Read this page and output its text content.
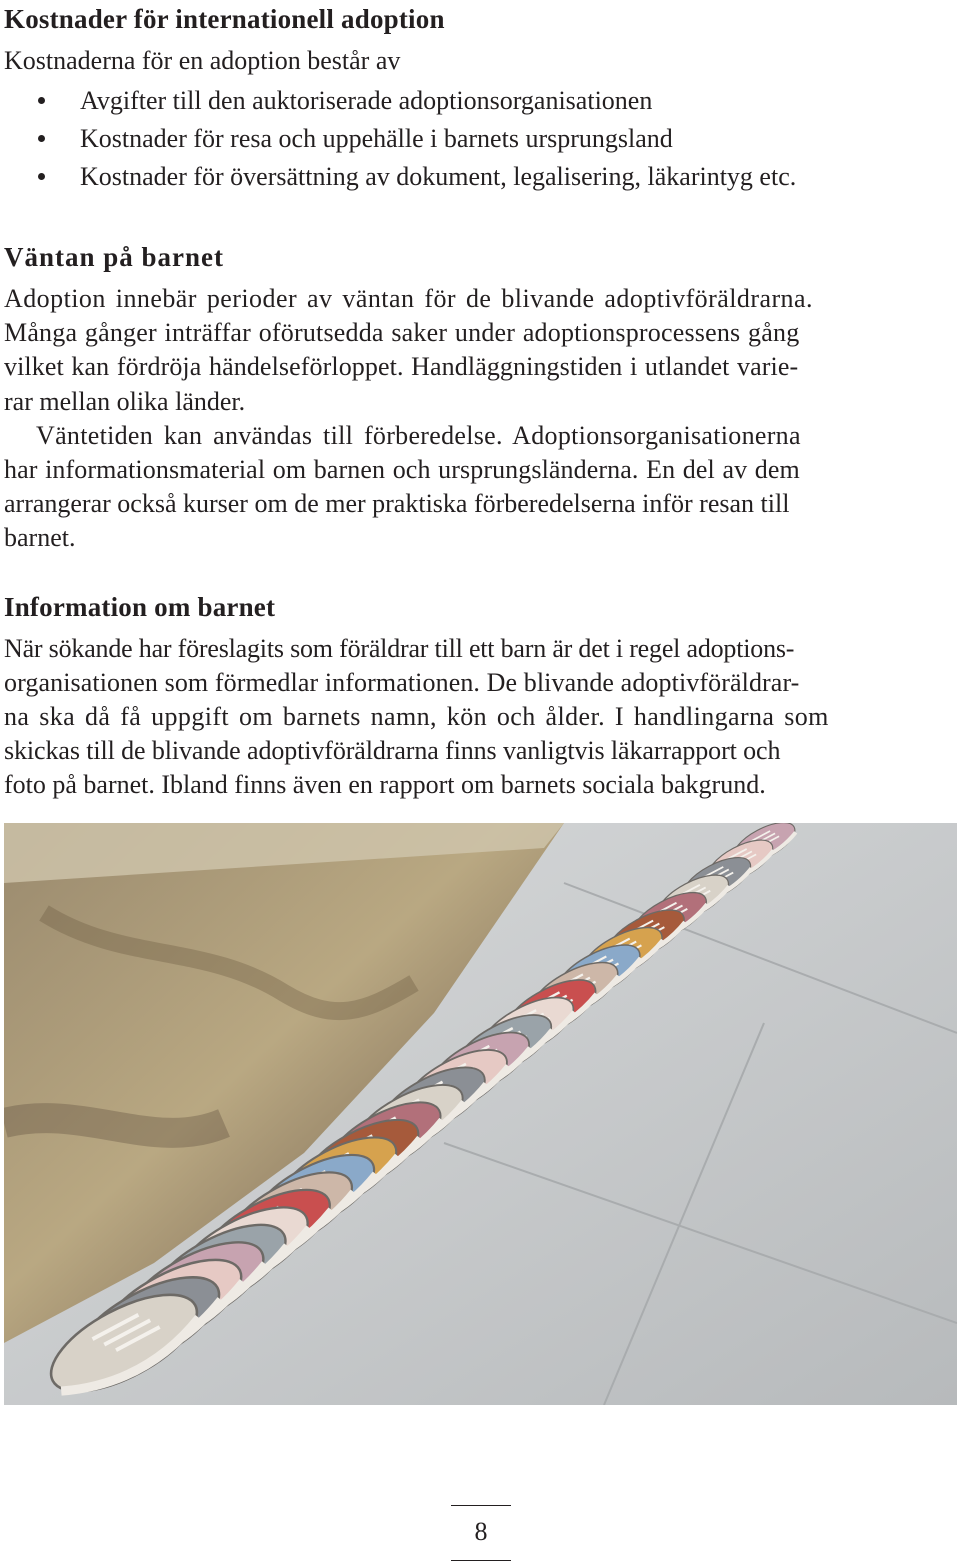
Kostnader för internationell adoption

Kostnaderna för en adoption består av

Avgifter till den auktoriserade adoptionsorganisationen
Kostnader för resa och uppehälle i barnets ursprungsland
Kostnader för översättning av dokument, legalisering, läkarintyg etc.
Väntan på barnet

Adoption innebär perioder av väntan för de blivande adoptivföräldrarna.
Många gånger inträffar oförutsedda saker under adoptionsprocessens gång
vilket kan fördröja händelseförloppet. Handläggningstiden i utlandet varie-
rar mellan olika länder.
Väntetiden kan användas till förberedelse. Adoptionsorganisationerna
har informationsmaterial om barnen och ursprungsländerna. En del av dem
arrangerar också kurser om de mer praktiska förberedelserna inför resan till
barnet.

Information om barnet

När sökande har föreslagits som föräldrar till ett barn är det i regel adoptions-
organisationen som förmedlar informationen. De blivande adoptivföräldrar-
na ska då få uppgift om barnets namn, kön och ålder. I handlingarna som
skickas till de blivande adoptivföräldrarna finns vanligtvis läkarrapport och
foto på barnet. Ibland finns även en rapport om barnets sociala bakgrund.

8
